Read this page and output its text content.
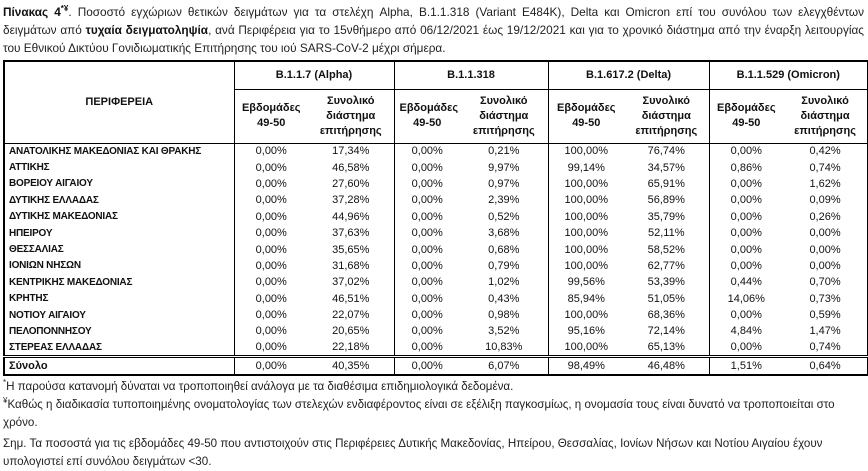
Πίνακας 4*¥. Ποσοστό εγχώριων θετικών δειγμάτων για τα στελέχη Alpha, B.1.1.318 (Variant E484K), Delta και Omicron επί του συνόλου των ελεγχθέντων δειγμάτων από τυχαία δειγματοληψία, ανά Περιφέρεια για το 15νθήμερο από 06/12/2021 έως 19/12/2021 και για το χρονικό διάστημα από την έναρξη λειτουργίας του Εθνικού Δικτύου Γονιδιωματικής Επιτήρησης του ιού SARS-CoV-2 μέχρι σήμερα.

ΠΕΡΙΦΕΡΕΙΑ	B.1.1.7 (Alpha)		B.1.1.318		B.1.617.2 (Delta)		B.1.1.529 (Omicron)	
	Εβδομάδες 49-50	Συνολικό διάστημα επιτήρησης	Εβδομάδες 49-50	Συνολικό διάστημα επιτήρησης	Εβδομάδες 49-50	Συνολικό διάστημα επιτήρησης	Εβδομάδες 49-50	Συνολικό διάστημα επιτήρησης
ΑΝΑΤΟΛΙΚΗΣ ΜΑΚΕΔΟΝΙΑΣ ΚΑΙ ΘΡΑΚΗΣ	0,00%	17,34%	0,00%	0,21%	100,00%	76,74%	0,00%	0,42%
ΑΤΤΙΚΗΣ	0,00%	46,58%	0,00%	9,97%	99,14%	34,57%	0,86%	0,74%
ΒΟΡΕΙΟΥ ΑΙΓΑΙΟΥ	0,00%	27,60%	0,00%	0,97%	100,00%	65,91%	0,00%	1,62%
ΔΥΤΙΚΗΣ ΕΛΛΑΔΑΣ	0,00%	37,28%	0,00%	2,39%	100,00%	56,89%	0,00%	0,09%
ΔΥΤΙΚΗΣ ΜΑΚΕΔΟΝΙΑΣ	0,00%	44,96%	0,00%	0,52%	100,00%	35,79%	0,00%	0,26%
ΗΠΕΙΡΟΥ	0,00%	37,63%	0,00%	3,68%	100,00%	52,11%	0,00%	0,00%
ΘΕΣΣΑΛΙΑΣ	0,00%	35,65%	0,00%	0,68%	100,00%	58,52%	0,00%	0,00%
ΙΟΝΙΩΝ ΝΗΣΩΝ	0,00%	31,68%	0,00%	0,79%	100,00%	62,77%	0,00%	0,00%
ΚΕΝΤΡΙΚΗΣ ΜΑΚΕΔΟΝΙΑΣ	0,00%	37,02%	0,00%	1,02%	99,56%	53,39%	0,44%	0,70%
ΚΡΗΤΗΣ	0,00%	46,51%	0,00%	0,43%	85,94%	51,05%	14,06%	0,73%
ΝΟΤΙΟΥ ΑΙΓΑΙΟΥ	0,00%	22,07%	0,00%	0,98%	100,00%	68,36%	0,00%	0,59%
ΠΕΛΟΠΟΝΝΗΣΟΥ	0,00%	20,65%	0,00%	3,52%	95,16%	72,14%	4,84%	1,47%
ΣΤΕΡΕΑΣ ΕΛΛΑΔΑΣ	0,00%	22,18%	0,00%	10,83%	100,00%	65,13%	0,00%	0,74%
Σύνολο	0,00%	40,35%	0,00%	6,07%	98,49%	46,48%	1,51%	0,64%

*Η παρούσα κατανομή δύναται να τροποποιηθεί ανάλογα με τα διαθέσιμα επιδημιολογικά δεδομένα.

¥Καθώς η διαδικασία τυποποιημένης ονοματολογίας των στελεχών ενδιαφέροντος είναι σε εξέλιξη παγκοσμίως, η ονομασία τους είναι δυνατό να τροποποιείται στο χρόνο.

Σημ. Τα ποσοστά για τις εβδομάδες 49-50 που αντιστοιχούν στις Περιφέρειες Δυτικής Μακεδονίας, Ηπείρου, Θεσσαλίας, Ιονίων Νήσων και Νοτίου Αιγαίου έχουν υπολογιστεί επί συνόλου δειγμάτων <30.
